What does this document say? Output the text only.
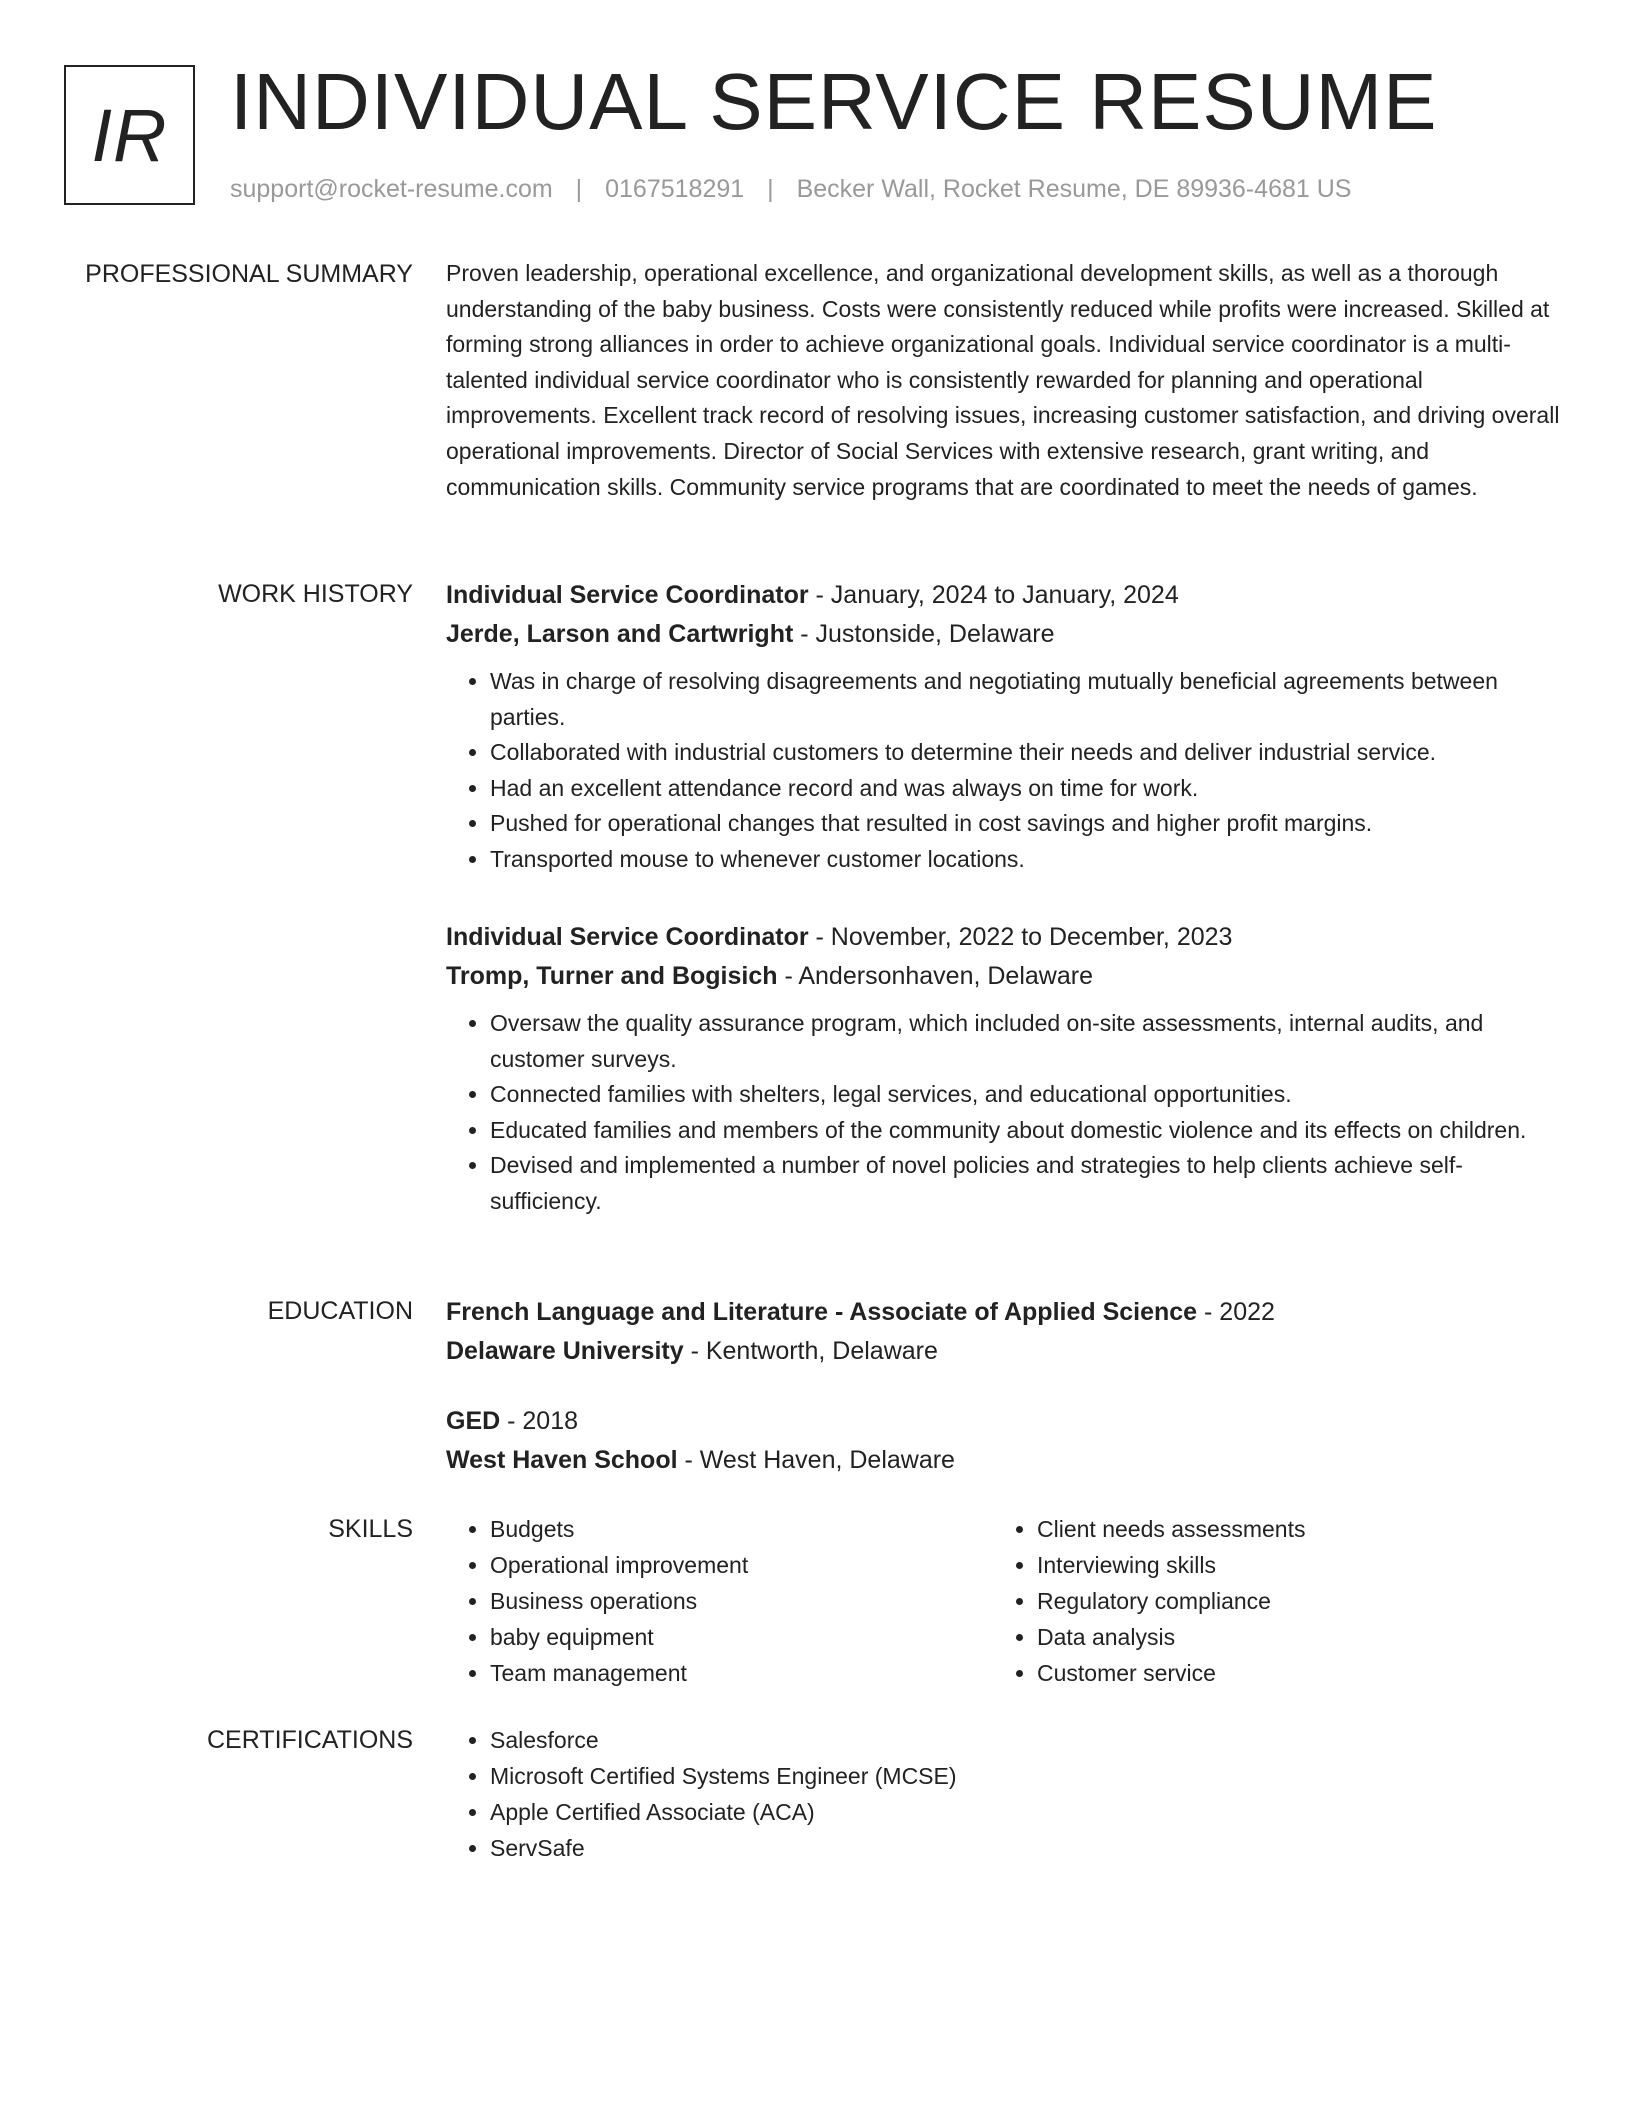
IR INDIVIDUAL SERVICE RESUME
support@rocket-resume.com | 0167518291 | Becker Wall, Rocket Resume, DE 89936-4681 US
PROFESSIONAL SUMMARY Proven leadership, operational excellence, and organizational development skills, as well as a thorough understanding of the baby business. Costs were consistently reduced while profits were increased. Skilled at forming strong alliances in order to achieve organizational goals. Individual service coordinator is a multi-talented individual service coordinator who is consistently rewarded for planning and operational improvements. Excellent track record of resolving issues, increasing customer satisfaction, and driving overall operational improvements. Director of Social Services with extensive research, grant writing, and communication skills. Community service programs that are coordinated to meet the needs of games.

WORK HISTORY Individual Service Coordinator - January, 2024 to January, 2024
Jerde, Larson and Cartwright - Justonside, Delaware
• Was in charge of resolving disagreements and negotiating mutually beneficial agreements between parties.
• Collaborated with industrial customers to determine their needs and deliver industrial service.
• Had an excellent attendance record and was always on time for work.
• Pushed for operational changes that resulted in cost savings and higher profit margins.
• Transported mouse to whenever customer locations.
Individual Service Coordinator - November, 2022 to December, 2023
Tromp, Turner and Bogisich - Andersonhaven, Delaware
• Oversaw the quality assurance program, which included on-site assessments, internal audits, and customer surveys.
• Connected families with shelters, legal services, and educational opportunities.
• Educated families and members of the community about domestic violence and its effects on children.
• Devised and implemented a number of novel policies and strategies to help clients achieve self-sufficiency.
EDUCATION French Language and Literature - Associate of Applied Science - 2022
Delaware University - Kentworth, Delaware
GED - 2018
West Haven School - West Haven, Delaware
SKILLS	• Budgets
• Operational improvement
• Business operations
• baby equipment
• Team management
• Client needs assessments
• Interviewing skills
• Regulatory compliance
• Data analysis
• Customer service
CERTIFICATIONS	• Salesforce
• Microsoft Certified Systems Engineer (MCSE)
• Apple Certified Associate (ACA)
• ServSafe
